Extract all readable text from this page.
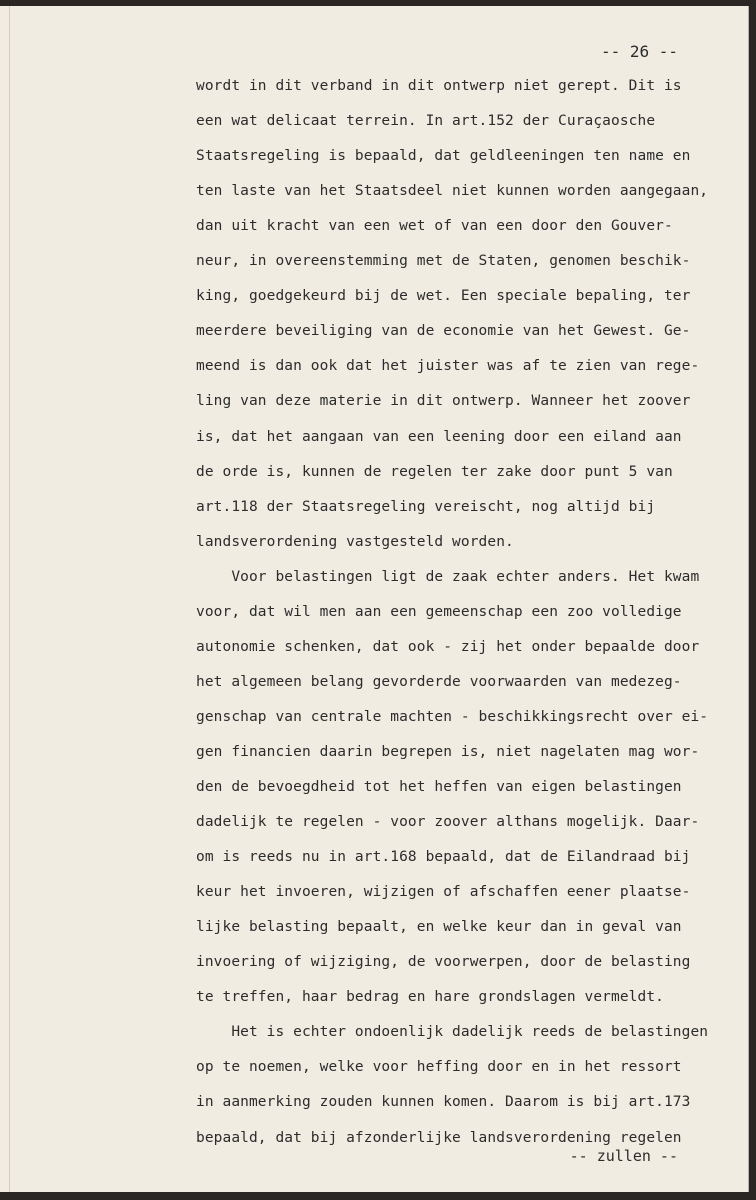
-- 26 --
wordt in dit verband in dit ontwerp niet gerept. Dit is
een wat delicaat terrein. In art.152 der Curaçaosche
Staatsregeling is bepaald, dat geldleeningen ten name en
ten laste van het Staatsdeel niet kunnen worden aangegaan,
dan uit kracht van een wet of van een door den Gouver-
neur, in overeenstemming met de Staten, genomen beschik-
king, goedgekeurd bij de wet. Een speciale bepaling, ter
meerdere beveiliging van de economie van het Gewest. Ge-
meend is dan ook dat het juister was af te zien van rege-
ling van deze materie in dit ontwerp. Wanneer het zoover
is, dat het aangaan van een leening door een eiland aan
de orde is, kunnen de regelen ter zake door punt 5 van
art.118 der Staatsregeling vereischt, nog altijd bij
landsverordening vastgesteld worden.
Voor belastingen ligt de zaak echter anders. Het kwam
voor, dat wil men aan een gemeenschap een zoo volledige
autonomie schenken, dat ook - zij het onder bepaalde door
het algemeen belang gevorderde voorwaarden van medezeg-
genschap van centrale machten - beschikkingsrecht over ei-
gen financien daarin begrepen is, niet nagelaten mag wor-
den de bevoegdheid tot het heffen van eigen belastingen
dadelijk te regelen - voor zoover althans mogelijk. Daar-
om is reeds nu in art.168 bepaald, dat de Eilandraad bij
keur het invoeren, wijzigen of afschaffen eener plaatse-
lijke belasting bepaalt, en welke keur dan in geval van
invoering of wijziging, de voorwerpen, door de belasting
te treffen, haar bedrag en hare grondslagen vermeldt.
Het is echter ondoenlijk dadelijk reeds de belastingen
op te noemen, welke voor heffing door en in het ressort
in aanmerking zouden kunnen komen. Daarom is bij art.173
bepaald, dat bij afzonderlijke landsverordening regelen
-- zullen --
